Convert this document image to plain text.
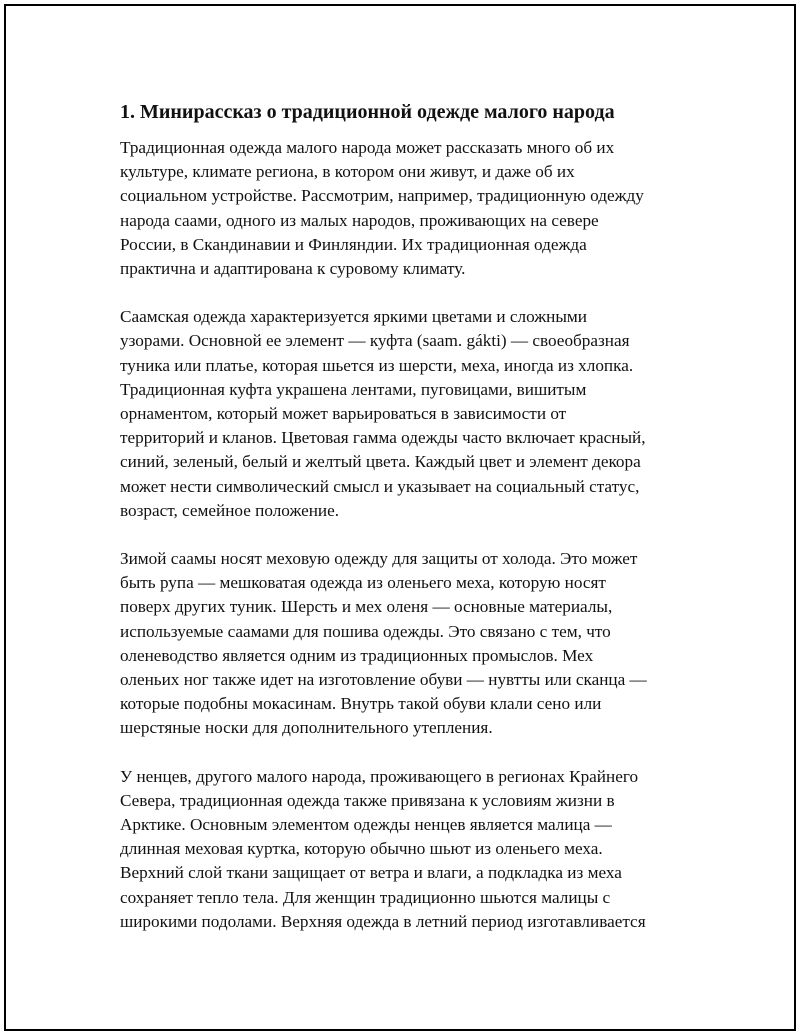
1. Минирассказ о традиционной одежде малого народа
Традиционная одежда малого народа может рассказать много об их
культуре, климате региона, в котором они живут, и даже об их
социальном устройстве. Рассмотрим, например, традиционную одежду
народа саами, одного из малых народов, проживающих на севере
России, в Скандинавии и Финляндии. Их традиционная одежда
практична и адаптирована к суровому климату.
Саамская одежда характеризуется яркими цветами и сложными
узорами. Основной ее элемент — куфта (saam. gákti) — своеобразная
туника или платье, которая шьется из шерсти, меха, иногда из хлопка.
Традиционная куфта украшена лентами, пуговицами, вишитым
орнаментом, который может варьироваться в зависимости от
территорий и кланов. Цветовая гамма одежды часто включает красный,
синий, зеленый, белый и желтый цвета. Каждый цвет и элемент декора
может нести символический смысл и указывает на социальный статус,
возраст, семейное положение.
Зимой саамы носят меховую одежду для защиты от холода. Это может
быть рупа — мешковатая одежда из оленьего меха, которую носят
поверх других туник. Шерсть и мех оленя — основные материалы,
используемые саамами для пошива одежды. Это связано с тем, что
оленеводство является одним из традиционных промыслов. Мех
оленьих ног также идет на изготовление обуви — нувтты или сканца —
которые подобны мокасинам. Внутрь такой обуви клали сено или
шерстяные носки для дополнительного утепления.
У ненцев, другого малого народа, проживающего в регионах Крайнего
Севера, традиционная одежда также привязана к условиям жизни в
Арктике. Основным элементом одежды ненцев является малица —
длинная меховая куртка, которую обычно шьют из оленьего меха.
Верхний слой ткани защищает от ветра и влаги, а подкладка из меха
сохраняет тепло тела. Для женщин традиционно шьются малицы с
широкими подолами. Верхняя одежда в летний период изготавливается
